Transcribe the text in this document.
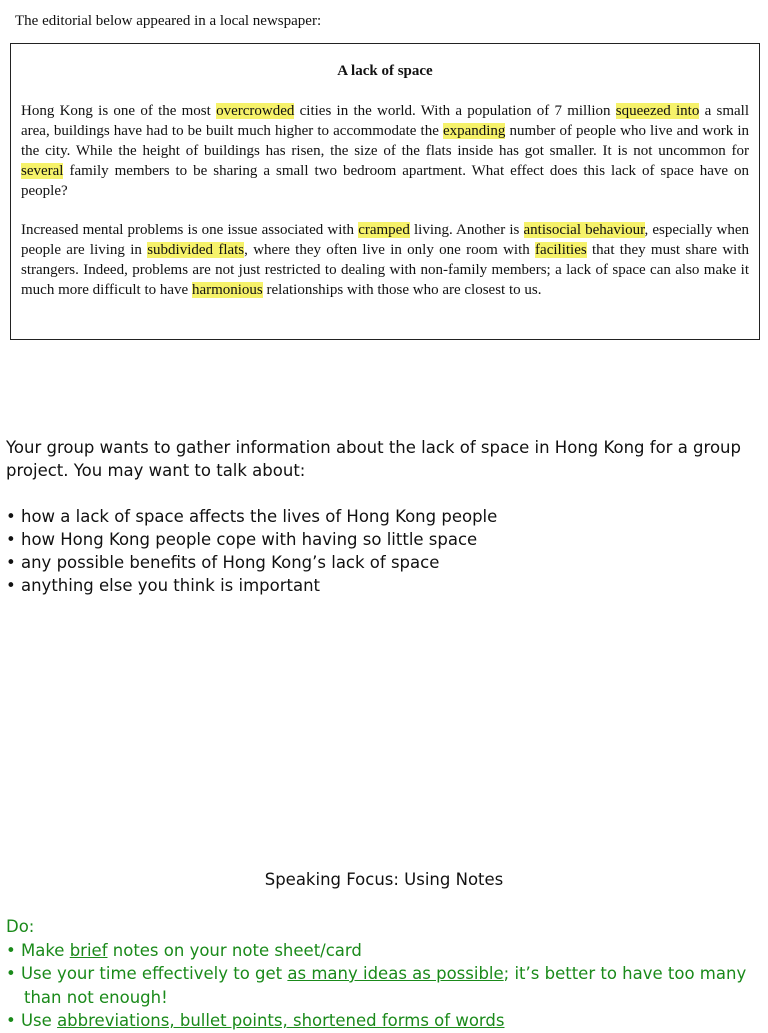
The editorial below appeared in a local newspaper:
A lack of space
Hong Kong is one of the most overcrowded cities in the world. With a population of 7 million squeezed into a small area, buildings have had to be built much higher to accommodate the expanding number of people who live and work in the city. While the height of buildings has risen, the size of the flats inside has got smaller. It is not uncommon for several family members to be sharing a small two bedroom apartment. What effect does this lack of space have on people?
Increased mental problems is one issue associated with cramped living. Another is antisocial behaviour, especially when people are living in subdivided flats, where they often live in only one room with facilities that they must share with strangers. Indeed, problems are not just restricted to dealing with non-family members; a lack of space can also make it much more difficult to have harmonious relationships with those who are closest to us.

Your group wants to gather information about the lack of space in Hong Kong for a group project. You may want to talk about:

• how a lack of space affects the lives of Hong Kong people
• how Hong Kong people cope with having so little space
• any possible benefits of Hong Kong’s lack of space
• anything else you think is important
Speaking Focus: Using Notes
Do:
• Make brief notes on your note sheet/card
• Use your time effectively to get as many ideas as possible; it’s better to have too many than not enough!
• Use abbreviations, bullet points, shortened forms of words
